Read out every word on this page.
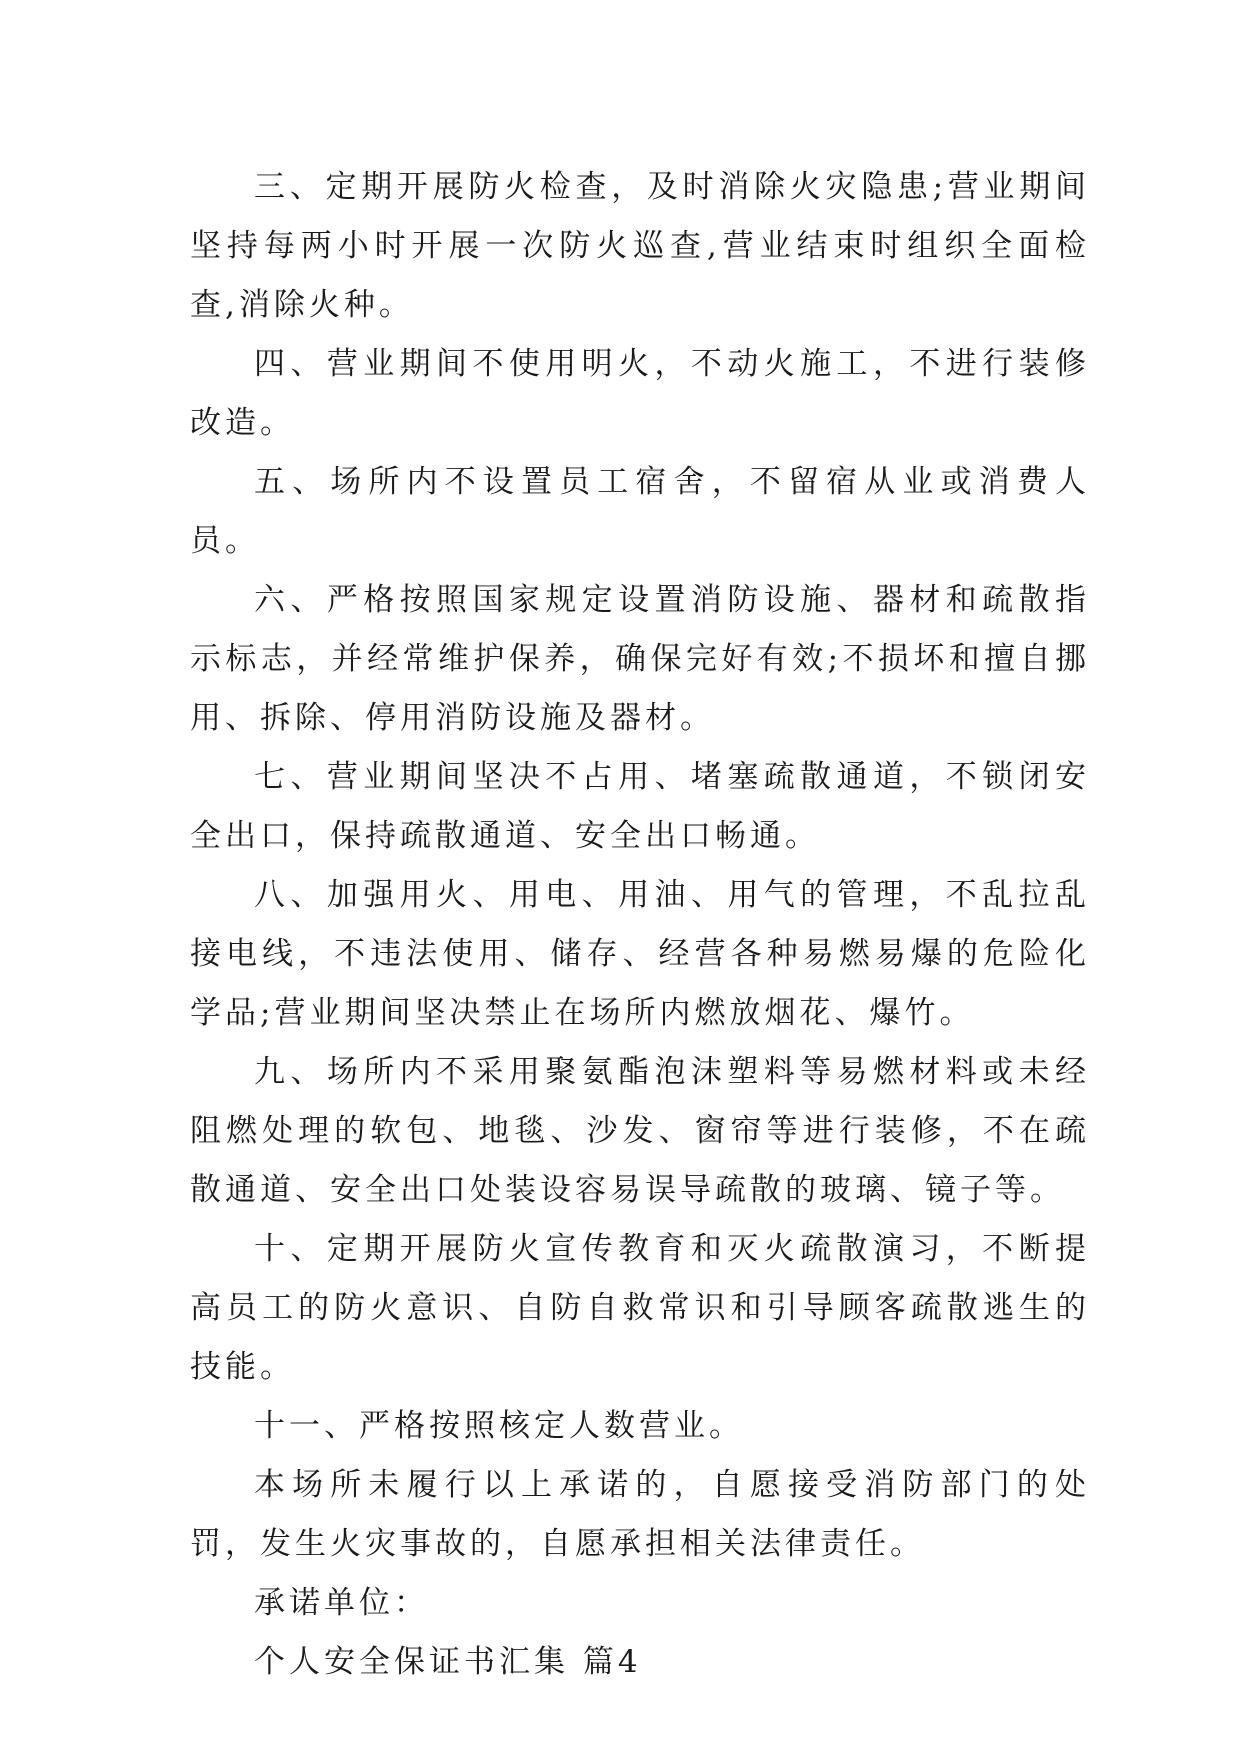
三、定期开展防火检查，及时消除火灾隐患;营业期间坚持每两小时开展一次防火巡查,营业结束时组织全面检查,消除火种。

四、营业期间不使用明火，不动火施工，不进行装修改造。

五、场所内不设置员工宿舍，不留宿从业或消费人员。

六、严格按照国家规定设置消防设施、器材和疏散指示标志，并经常维护保养，确保完好有效;不损坏和擅自挪用、拆除、停用消防设施及器材。

七、营业期间坚决不占用、堵塞疏散通道，不锁闭安全出口，保持疏散通道、安全出口畅通。

八、加强用火、用电、用油、用气的管理，不乱拉乱接电线，不违法使用、储存、经营各种易燃易爆的危险化学品;营业期间坚决禁止在场所内燃放烟花、爆竹。

九、场所内不采用聚氨酯泡沫塑料等易燃材料或未经阻燃处理的软包、地毯、沙发、窗帘等进行装修，不在疏散通道、安全出口处装设容易误导疏散的玻璃、镜子等。

十、定期开展防火宣传教育和灭火疏散演习，不断提高员工的防火意识、自防自救常识和引导顾客疏散逃生的技能。

十一、严格按照核定人数营业。

本场所未履行以上承诺的，自愿接受消防部门的处罚，发生火灾事故的，自愿承担相关法律责任。

承诺单位：

个人安全保证书汇集 篇4
